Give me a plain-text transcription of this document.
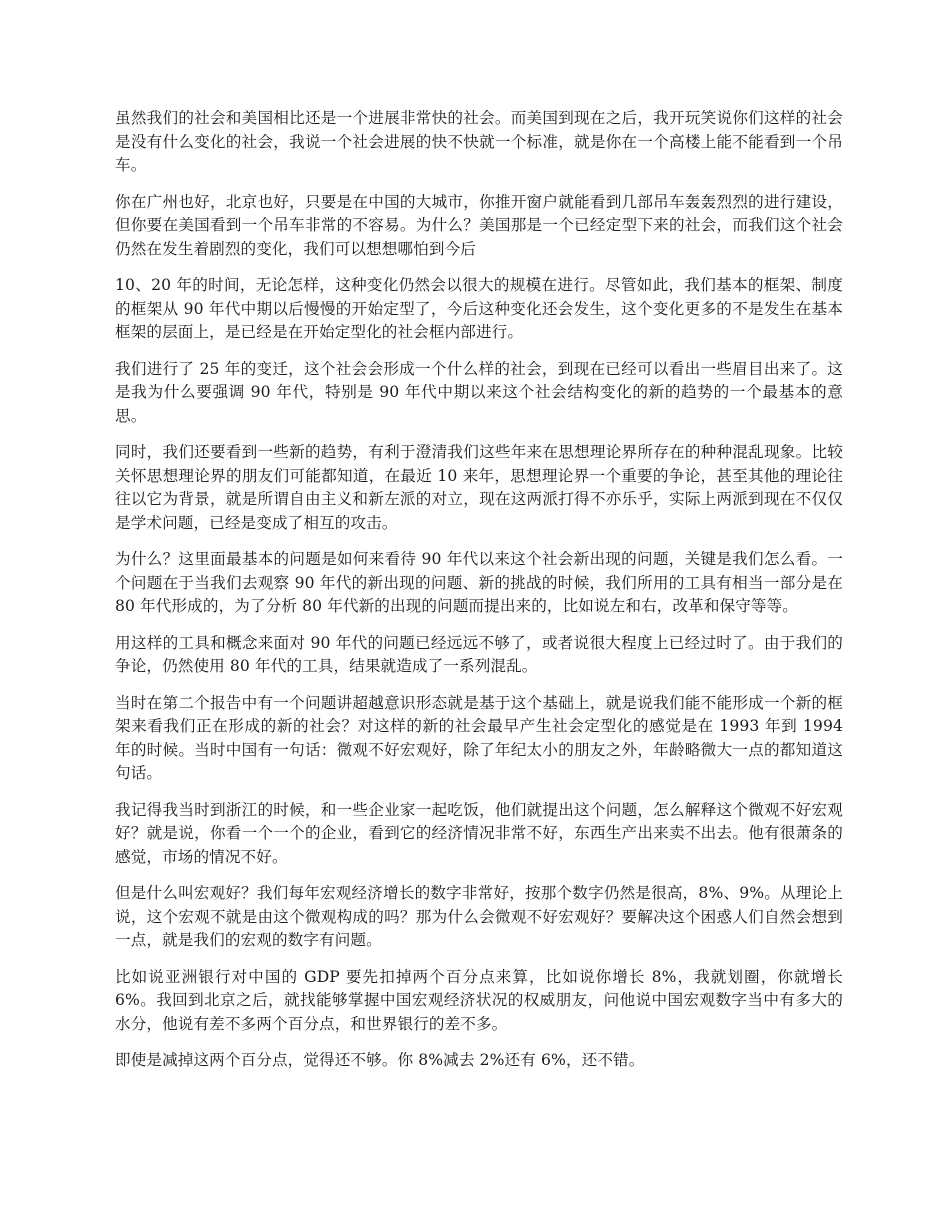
虽然我们的社会和美国相比还是一个进展非常快的社会。而美国到现在之后，我开玩笑说你们这样的社会是没有什么变化的社会，我说一个社会进展的快不快就一个标准，就是你在一个高楼上能不能看到一个吊车。

你在广州也好，北京也好，只要是在中国的大城市，你推开窗户就能看到几部吊车轰轰烈烈的进行建设，但你要在美国看到一个吊车非常的不容易。为什么？美国那是一个已经定型下来的社会，而我们这个社会仍然在发生着剧烈的变化，我们可以想想哪怕到今后

10、20 年的时间，无论怎样，这种变化仍然会以很大的规模在进行。尽管如此，我们基本的框架、制度的框架从 90 年代中期以后慢慢的开始定型了，今后这种变化还会发生，这个变化更多的不是发生在基本框架的层面上，是已经是在开始定型化的社会框内部进行。

我们进行了 25 年的变迁，这个社会会形成一个什么样的社会，到现在已经可以看出一些眉目出来了。这是我为什么要强调 90 年代，特别是 90 年代中期以来这个社会结构变化的新的趋势的一个最基本的意思。

同时，我们还要看到一些新的趋势，有利于澄清我们这些年来在思想理论界所存在的种种混乱现象。比较关怀思想理论界的朋友们可能都知道，在最近 10 来年，思想理论界一个重要的争论，甚至其他的理论往往以它为背景，就是所谓自由主义和新左派的对立，现在这两派打得不亦乐乎，实际上两派到现在不仅仅是学术问题，已经是变成了相互的攻击。

为什么？这里面最基本的问题是如何来看待 90 年代以来这个社会新出现的问题，关键是我们怎么看。一个问题在于当我们去观察 90 年代的新出现的问题、新的挑战的时候，我们所用的工具有相当一部分是在 80 年代形成的，为了分析 80 年代新的出现的问题而提出来的，比如说左和右，改革和保守等等。

用这样的工具和概念来面对 90 年代的问题已经远远不够了，或者说很大程度上已经过时了。由于我们的争论，仍然使用 80 年代的工具，结果就造成了一系列混乱。

当时在第二个报告中有一个问题讲超越意识形态就是基于这个基础上，就是说我们能不能形成一个新的框架来看我们正在形成的新的社会？对这样的新的社会最早产生社会定型化的感觉是在 1993 年到 1994 年的时候。当时中国有一句话：微观不好宏观好，除了年纪太小的朋友之外，年龄略微大一点的都知道这句话。

我记得我当时到浙江的时候，和一些企业家一起吃饭，他们就提出这个问题，怎么解释这个微观不好宏观好？就是说，你看一个一个的企业，看到它的经济情况非常不好，东西生产出来卖不出去。他有很萧条的感觉，市场的情况不好。

但是什么叫宏观好？我们每年宏观经济增长的数字非常好，按那个数字仍然是很高，8%、9%。从理论上说，这个宏观不就是由这个微观构成的吗？那为什么会微观不好宏观好？要解决这个困惑人们自然会想到一点，就是我们的宏观的数字有问题。

比如说亚洲银行对中国的 GDP 要先扣掉两个百分点来算，比如说你增长 8%，我就划圈，你就增长 6%。我回到北京之后，就找能够掌握中国宏观经济状况的权威朋友，问他说中国宏观数字当中有多大的水分，他说有差不多两个百分点，和世界银行的差不多。

即使是减掉这两个百分点，觉得还不够。你 8%减去 2%还有 6%，还不错。
